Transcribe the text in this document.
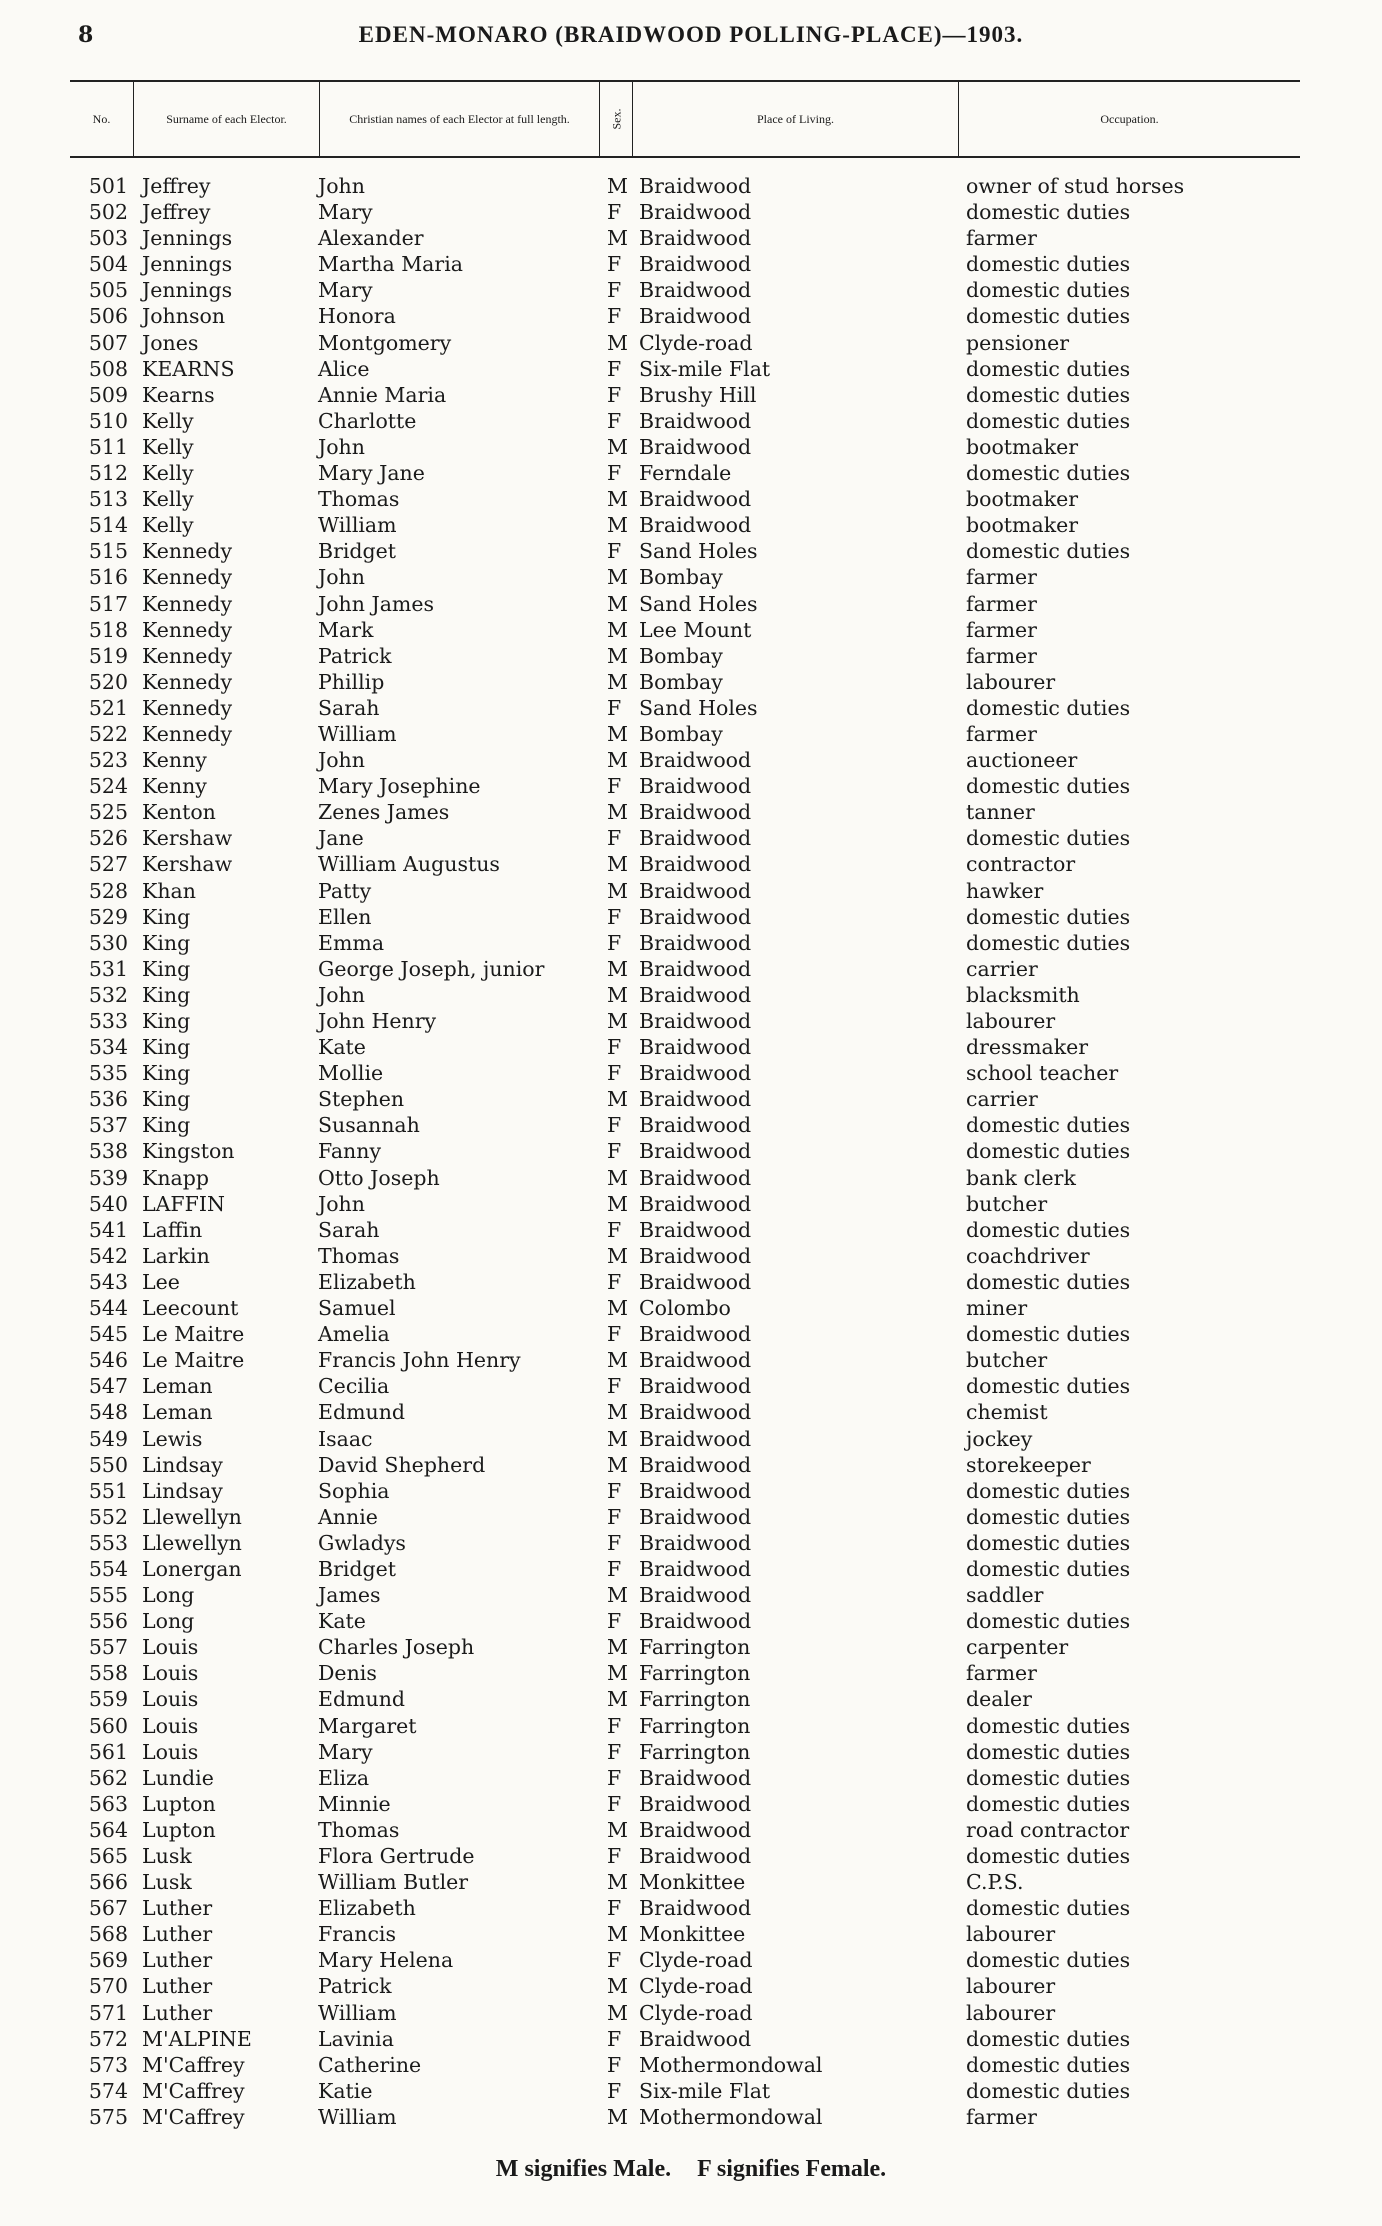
8	EDEN-MONARO (BRAIDWOOD POLLING-PLACE)—1903.
No.	Surname of each Elector.	Christian names of each Elector at full length.	Sex.	Place of Living.	Occupation.
501 Jeffrey	John	M Braidwood	owner of stud horses
502 Jeffrey	Mary	F Braidwood	domestic duties
503 Jennings	Alexander	M Braidwood	farmer
504 Jennings	Martha Maria	F Braidwood	domestic duties
505 Jennings	Mary	F Braidwood	domestic duties
506 Johnson	Honora	F Braidwood	domestic duties
507 Jones	Montgomery	M Clyde-road	pensioner
508 KEARNS	Alice	F Six-mile Flat	domestic duties
509 Kearns	Annie Maria	F Brushy Hill	domestic duties
510 Kelly	Charlotte	F Braidwood	domestic duties
511 Kelly	John	M Braidwood	bootmaker
512 Kelly	Mary Jane	F Ferndale	domestic duties
513 Kelly	Thomas	M Braidwood	bootmaker
514 Kelly	William	M Braidwood	bootmaker
515 Kennedy	Bridget	F Sand Holes	domestic duties
516 Kennedy	John	M Bombay	farmer
517 Kennedy	John James	M Sand Holes	farmer
518 Kennedy	Mark	M Lee Mount	farmer
519 Kennedy	Patrick	M Bombay	farmer
520 Kennedy	Phillip	M Bombay	labourer
521 Kennedy	Sarah	F Sand Holes	domestic duties
522 Kennedy	William	M Bombay	farmer
523 Kenny	John	M Braidwood	auctioneer
524 Kenny	Mary Josephine	F Braidwood	domestic duties
525 Kenton	Zenes James	M Braidwood	tanner
526 Kershaw	Jane	F Braidwood	domestic duties
527 Kershaw	William Augustus	M Braidwood	contractor
528 Khan	Patty	M Braidwood	hawker
529 King	Ellen	F Braidwood	domestic duties
530 King	Emma	F Braidwood	domestic duties
531 King	George Joseph, junior	M Braidwood	carrier
532 King	John	M Braidwood	blacksmith
533 King	John Henry	M Braidwood	labourer
534 King	Kate	F Braidwood	dressmaker
535 King	Mollie	F Braidwood	school teacher
536 King	Stephen	M Braidwood	carrier
537 King	Susannah	F Braidwood	domestic duties
538 Kingston	Fanny	F Braidwood	domestic duties
539 Knapp	Otto Joseph	M Braidwood	bank clerk
540 LAFFIN	John	M Braidwood	butcher
541 Laffin	Sarah	F Braidwood	domestic duties
542 Larkin	Thomas	M Braidwood	coachdriver
543 Lee	Elizabeth	F Braidwood	domestic duties
544 Leecount	Samuel	M Colombo	miner
545 Le Maitre	Amelia	F Braidwood	domestic duties
546 Le Maitre	Francis John Henry	M Braidwood	butcher
547 Leman	Cecilia	F Braidwood	domestic duties
548 Leman	Edmund	M Braidwood	chemist
549 Lewis	Isaac	M Braidwood	jockey
550 Lindsay	David Shepherd	M Braidwood	storekeeper
551 Lindsay	Sophia	F Braidwood	domestic duties
552 Llewellyn	Annie	F Braidwood	domestic duties
553 Llewellyn	Gwladys	F Braidwood	domestic duties
554 Lonergan	Bridget	F Braidwood	domestic duties
555 Long	James	M Braidwood	saddler
556 Long	Kate	F Braidwood	domestic duties
557 Louis	Charles Joseph	M Farrington	carpenter
558 Louis	Denis	M Farrington	farmer
559 Louis	Edmund	M Farrington	dealer
560 Louis	Margaret	F Farrington	domestic duties
561 Louis	Mary	F Farrington	domestic duties
562 Lundie	Eliza	F Braidwood	domestic duties
563 Lupton	Minnie	F Braidwood	domestic duties
564 Lupton	Thomas	M Braidwood	road contractor
565 Lusk	Flora Gertrude	F Braidwood	domestic duties
566 Lusk	William Butler	M Monkittee	C.P.S.
567 Luther	Elizabeth	F Braidwood	domestic duties
568 Luther	Francis	M Monkittee	labourer
569 Luther	Mary Helena	F Clyde-road	domestic duties
570 Luther	Patrick	M Clyde-road	labourer
571 Luther	William	M Clyde-road	labourer
572 M'ALPINE	Lavinia	F Braidwood	domestic duties
573 M'Caffrey	Catherine	F Mothermondowal	domestic duties
574 M'Caffrey	Katie	F Six-mile Flat	domestic duties
575 M'Caffrey	William	M Mothermondowal	farmer
M signifies Male. F signifies Female.
